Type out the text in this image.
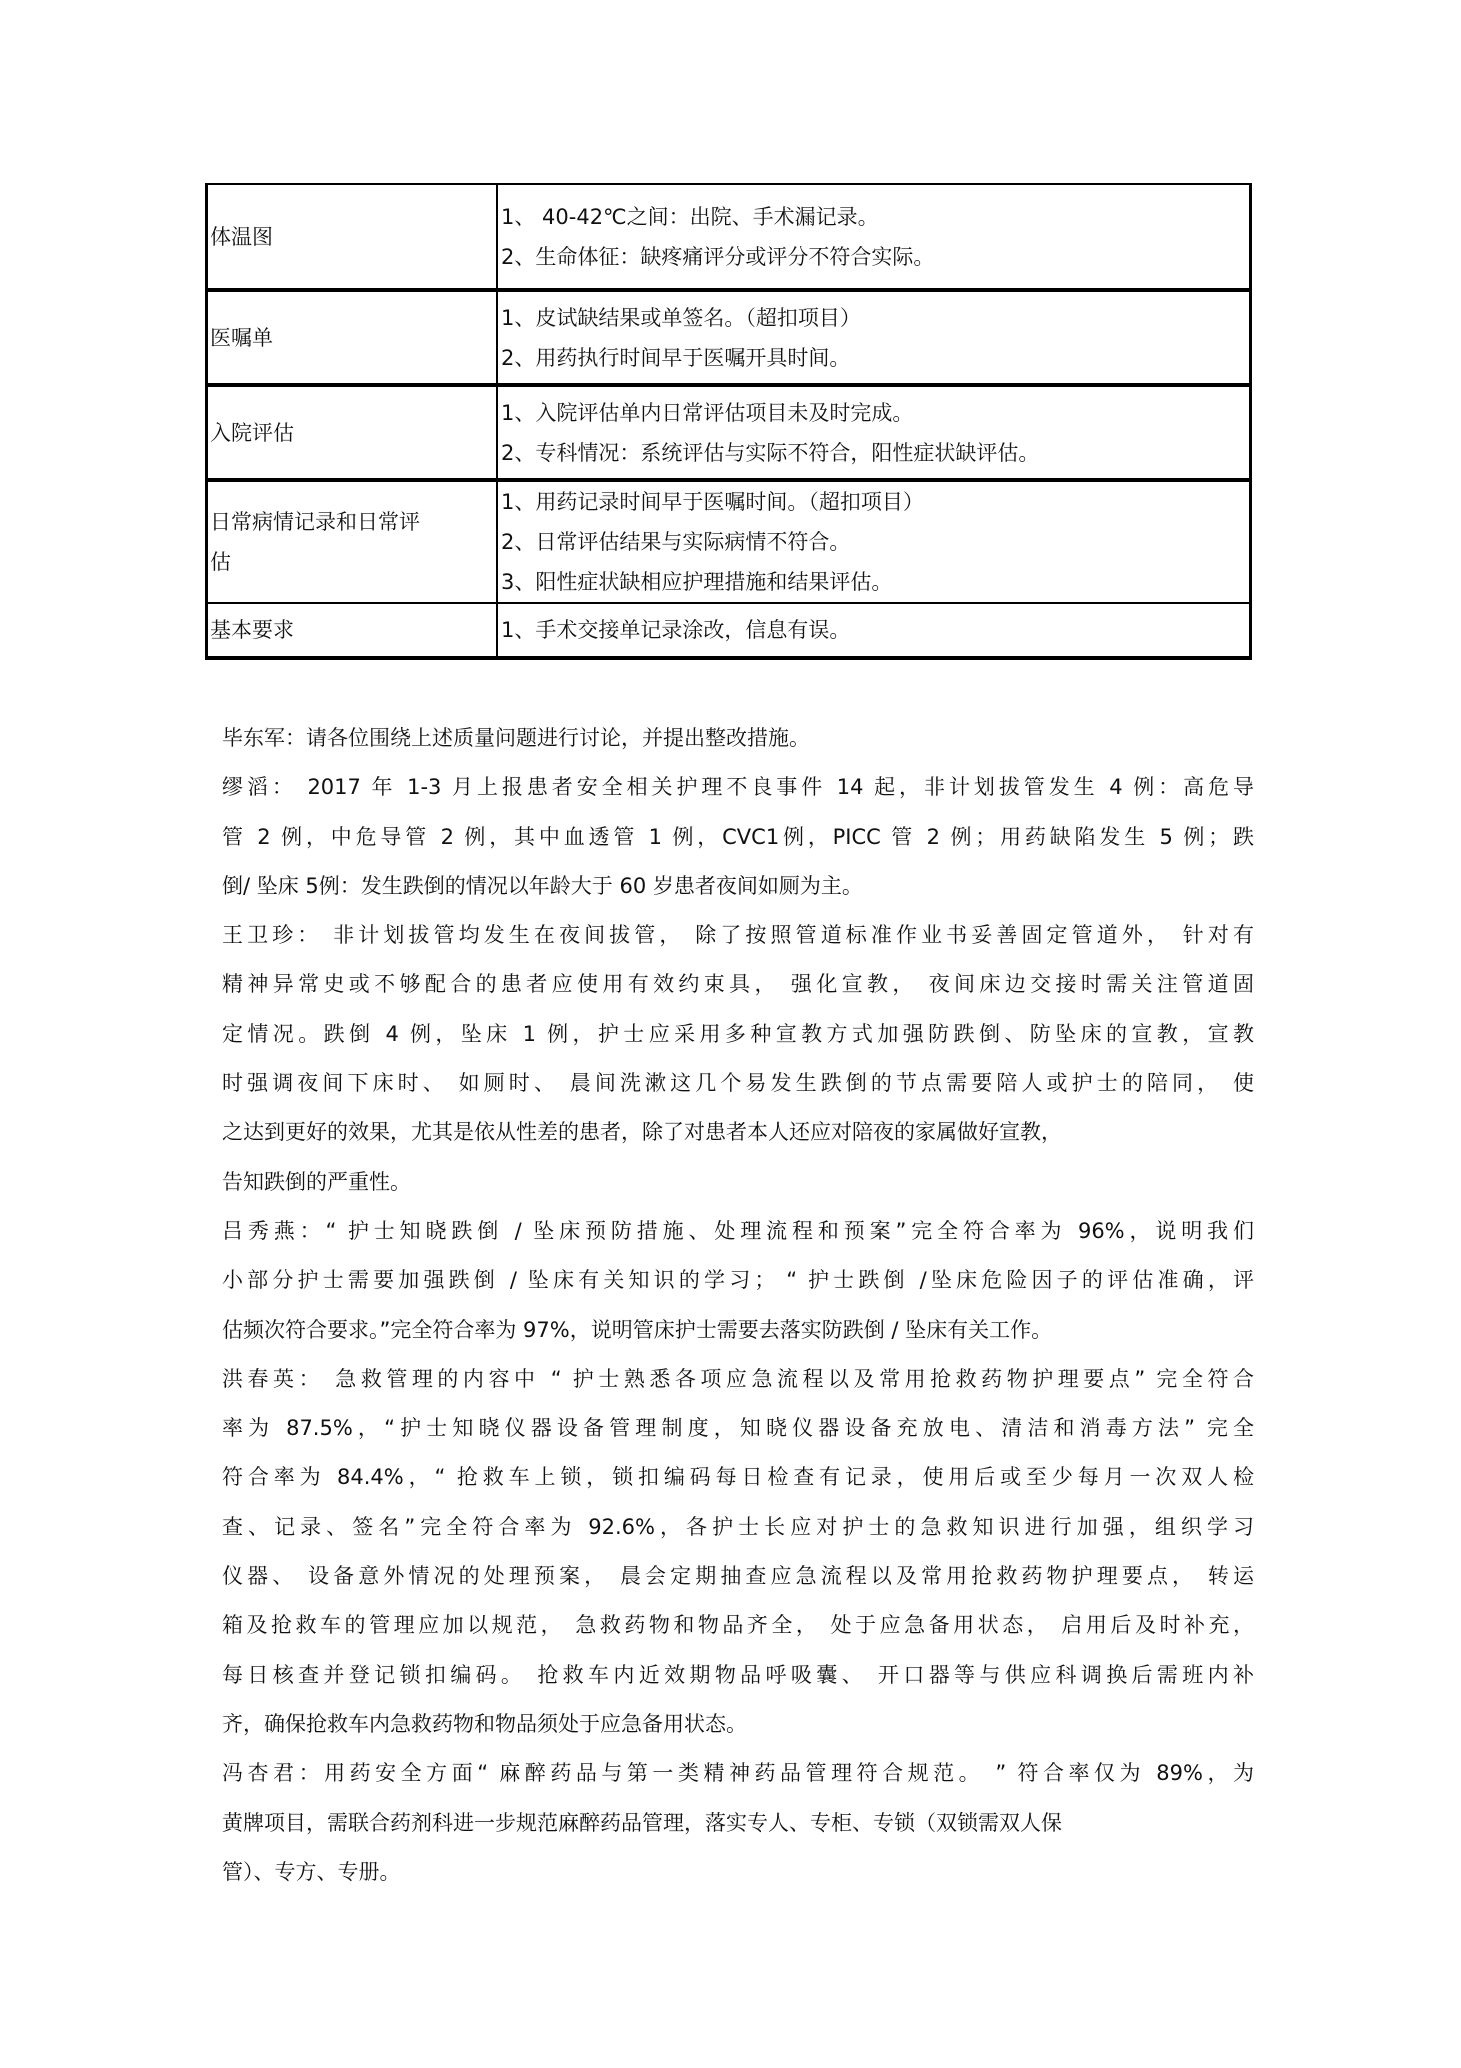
体温图	1、 40-42℃之间：出院、手术漏记录。
2、生命体征：缺疼痛评分或评分不符合实际。

医嘱单	1、皮试缺结果或单签名。（超扣项目）
2、用药执行时间早于医嘱开具时间。

入院评估	1、入院评估单内日常评估项目未及时完成。
2、专科情况：系统评估与实际不符合，阳性症状缺评估。

日常病情记录和日常评
估	1、用药记录时间早于医嘱时间。（超扣项目）
2、日常评估结果与实际病情不符合。
3、阳性症状缺相应护理措施和结果评估。

基本要求	1、手术交接单记录涂改，信息有误。

毕东军：请各位围绕上述质量问题进行讨论，并提出整改措施。

缪滔： 2017 年 1-3 月上报患者安全相关护理不良事件 14 起，非计划拔管发生 4 例：高危导
管 2 例，中危导管 2 例，其中血透管 1 例，CVC1例，PICC 管 2 例；用药缺陷发生 5 例；跌
倒/ 坠床 5例：发生跌倒的情况以年龄大于 60 岁患者夜间如厕为主。

王卫珍： 非计划拔管均发生在夜间拔管， 除了按照管道标准作业书妥善固定管道外， 针对有
精神异常史或不够配合的患者应使用有效约束具， 强化宣教， 夜间床边交接时需关注管道固
定情况。跌倒 4 例，坠床 1 例，护士应采用多种宣教方式加强防跌倒、防坠床的宣教，宣教
时强调夜间下床时、 如厕时、 晨间洗漱这几个易发生跌倒的节点需要陪人或护士的陪同， 使
之达到更好的效果，尤其是依从性差的患者，除了对患者本人还应对陪夜的家属做好宣教，
告知跌倒的严重性。

吕秀燕：“ 护士知晓跌倒 / 坠床预防措施、处理流程和预案”完全符合率为 96%，说明我们
小部分护士需要加强跌倒 / 坠床有关知识的学习； “ 护士跌倒 /坠床危险因子的评估准确，评
估频次符合要求。”完全符合率为 97%，说明管床护士需要去落实防跌倒 / 坠床有关工作。

洪春英： 急救管理的内容中 “ 护士熟悉各项应急流程以及常用抢救药物护理要点” 完全符合
率为 87.5%，“护士知晓仪器设备管理制度，知晓仪器设备充放电、清洁和消毒方法” 完全
符合率为 84.4%，“ 抢救车上锁，锁扣编码每日检查有记录，使用后或至少每月一次双人检
查、记录、签名”完全符合率为 92.6%，各护士长应对护士的急救知识进行加强，组织学习
仪器、 设备意外情况的处理预案， 晨会定期抽查应急流程以及常用抢救药物护理要点， 转运
箱及抢救车的管理应加以规范， 急救药物和物品齐全， 处于应急备用状态， 启用后及时补充，
每日核查并登记锁扣编码。 抢救车内近效期物品呼吸囊、 开口器等与供应科调换后需班内补
齐，确保抢救车内急救药物和物品须处于应急备用状态。

冯杏君：用药安全方面“ 麻醉药品与第一类精神药品管理符合规范。 ” 符合率仅为 89%，为
黄牌项目，需联合药剂科进一步规范麻醉药品管理，落实专人、专柜、专锁（双锁需双人保
管）、专方、专册。
